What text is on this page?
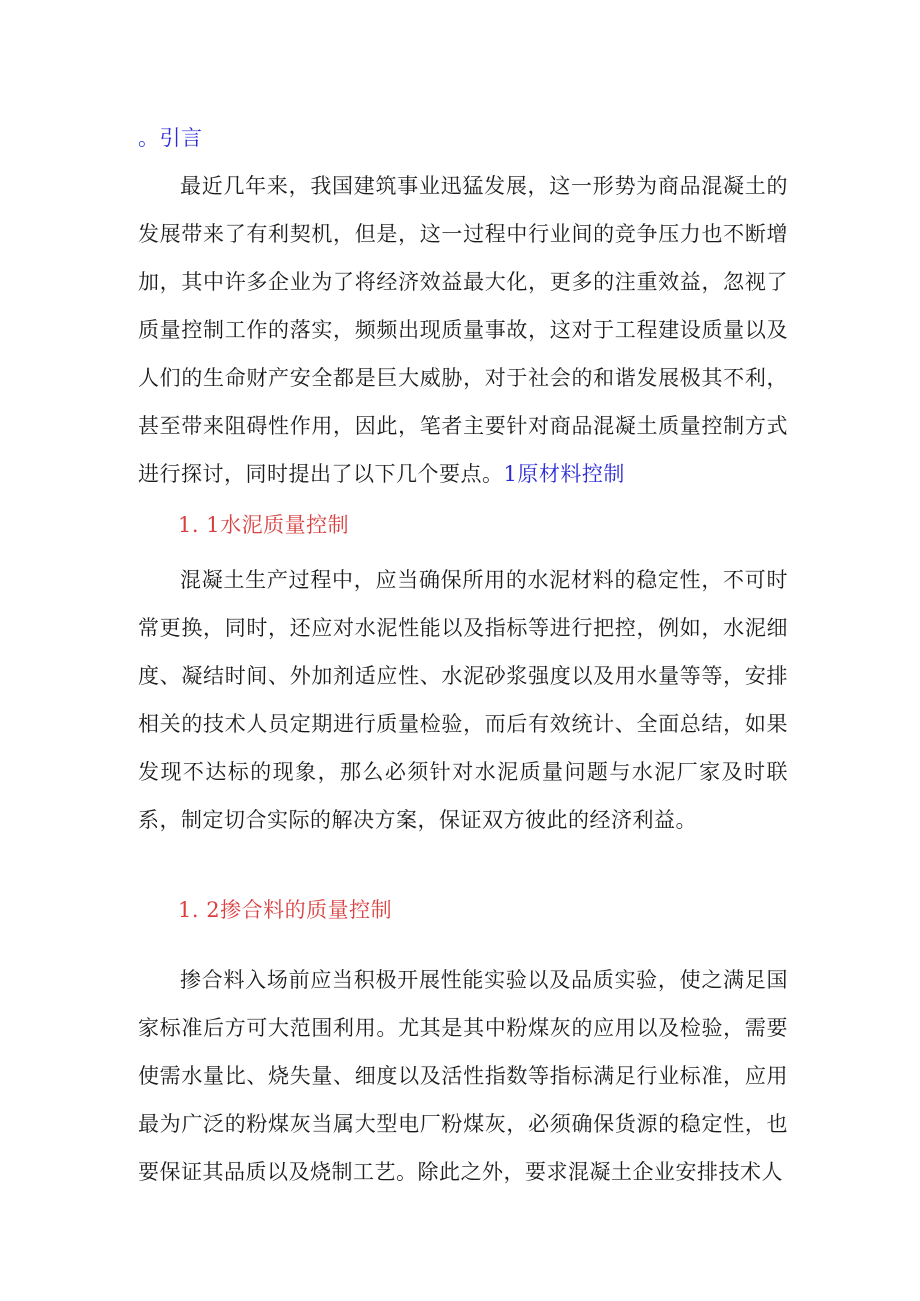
。引言
最近几年来，我国建筑事业迅猛发展，这一形势为商品混凝土的发展带来了有利契机，但是，这一过程中行业间的竞争压力也不断增加，其中许多企业为了将经济效益最大化，更多的注重效益，忽视了质量控制工作的落实，频频出现质量事故，这对于工程建设质量以及人们的生命财产安全都是巨大威胁，对于社会的和谐发展极其不利，甚至带来阻碍性作用，因此，笔者主要针对商品混凝土质量控制方式进行探讨，同时提出了以下几个要点。1原材料控制
1. 1水泥质量控制
混凝土生产过程中，应当确保所用的水泥材料的稳定性，不可时常更换，同时，还应对水泥性能以及指标等进行把控，例如，水泥细度、凝结时间、外加剂适应性、水泥砂浆强度以及用水量等等，安排相关的技术人员定期进行质量检验，而后有效统计、全面总结，如果发现不达标的现象，那么必须针对水泥质量问题与水泥厂家及时联系，制定切合实际的解决方案，保证双方彼此的经济利益。
1. 2掺合料的质量控制
掺合料入场前应当积极开展性能实验以及品质实验，使之满足国家标准后方可大范围利用。尤其是其中粉煤灰的应用以及检验，需要使需水量比、烧失量、细度以及活性指数等指标满足行业标准，应用最为广泛的粉煤灰当属大型电厂粉煤灰，必须确保货源的稳定性，也要保证其品质以及烧制工艺。除此之外，要求混凝土企业安排技术人
